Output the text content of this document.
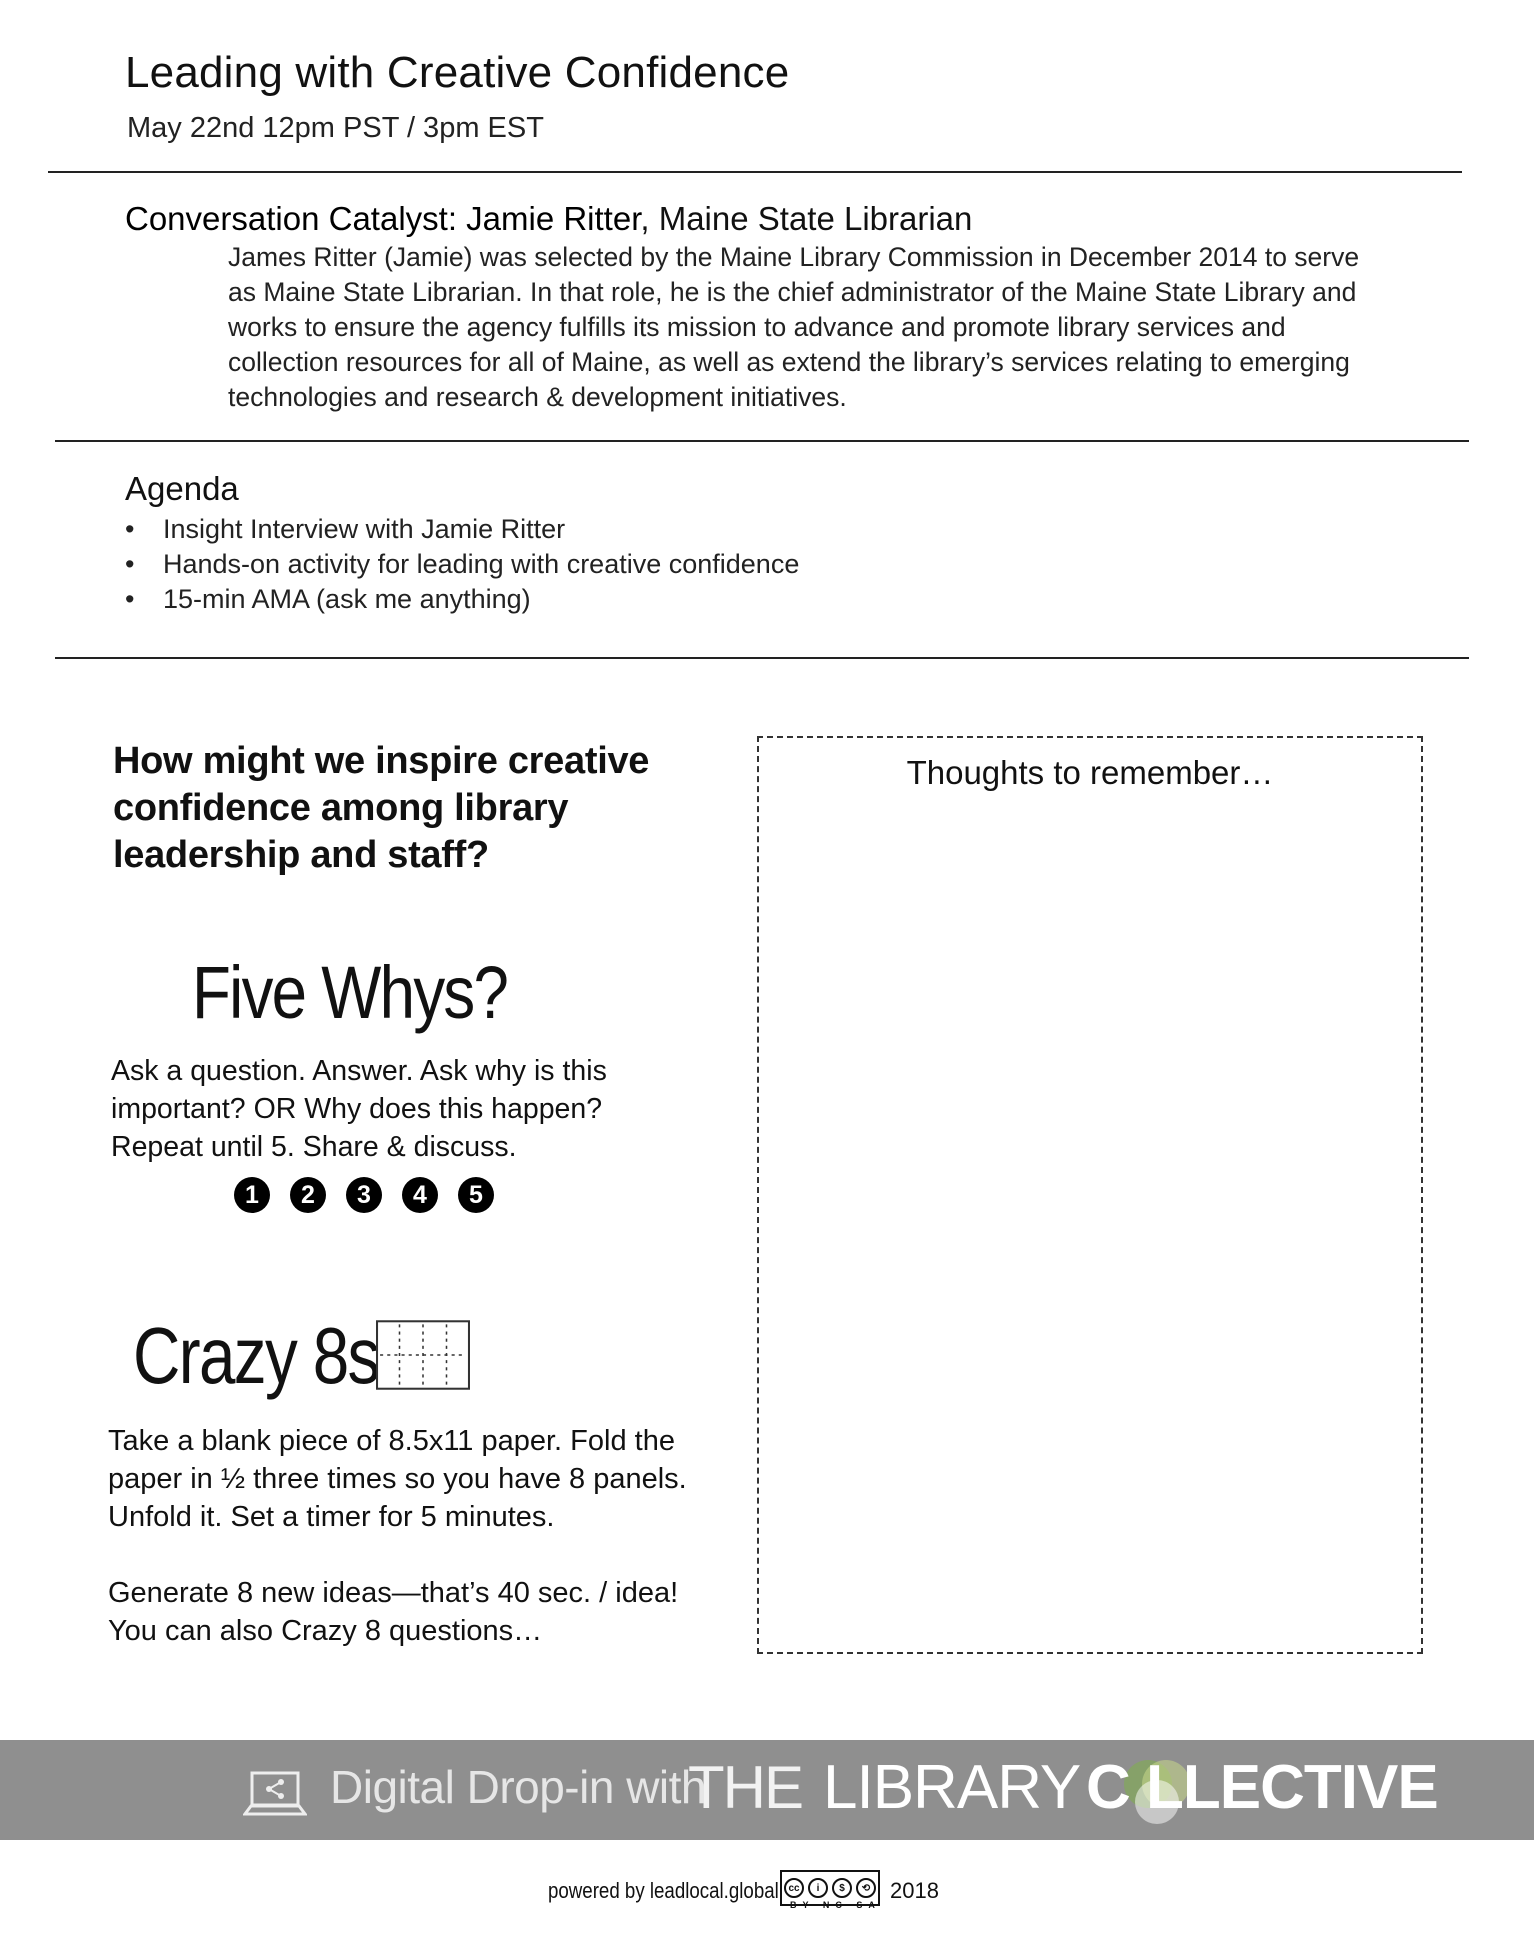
Leading with Creative Confidence
May 22nd 12pm PST / 3pm EST
Conversation Catalyst: Jamie Ritter, Maine State Librarian
James Ritter (Jamie) was selected by the Maine Library Commission in December 2014 to serve as Maine State Librarian. In that role, he is the chief administrator of the Maine State Library and works to ensure the agency fulfills its mission to advance and promote library services and collection resources for all of Maine, as well as extend the library’s services relating to emerging technologies and research & development initiatives.
Agenda
• Insight Interview with Jamie Ritter
• Hands-on activity for leading with creative confidence
• 15-min AMA (ask me anything)
How might we inspire creative confidence among library leadership and staff?
Five Whys?
Ask a question. Answer. Ask why is this important? OR Why does this happen? Repeat until 5. Share & discuss.
1	2	3	4	5
Crazy 8s
Take a blank piece of 8.5x11 paper. Fold the paper in ½ three times so you have 8 panels. Unfold it. Set a timer for 5 minutes.
Generate 8 new ideas—that’s 40 sec. / idea! You can also Crazy 8 questions…
Thoughts to remember…
Digital Drop-in with
THE LIBRARY C LLECTIVE
powered by leadlocal.global cc	i	$	⟲
BY NC SA
2018
